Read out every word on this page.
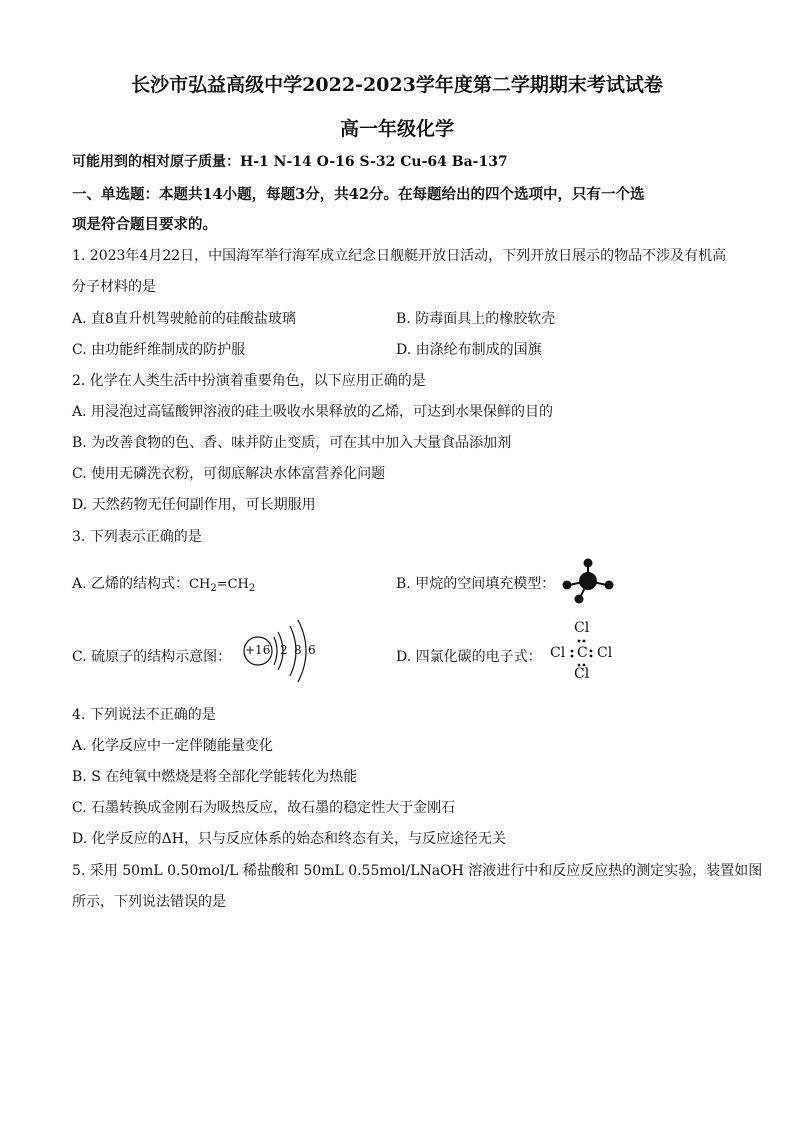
长沙市弘益高级中学2022-2023学年度第二学期期末考试试卷
高一年级化学
可能用到的相对原子质量：H-1 N-14 O-16 S-32 Cu-64 Ba-137
一、单选题：本题共14小题，每题3分，共42分。在每题给出的四个选项中，只有一个选
项是符合题目要求的。
1. 2023年4月22日，中国海军举行海军成立纪念日舰艇开放日活动，下列开放日展示的物品不涉及有机高
分子材料的是
A. 直8直升机驾驶舱前的硅酸盐玻璃	B. 防毒面具上的橡胶软壳
C. 由功能纤维制成的防护服	D. 由涤纶布制成的国旗
2. 化学在人类生活中扮演着重要角色，以下应用正确的是
A. 用浸泡过高锰酸钾溶液的硅土吸收水果释放的乙烯，可达到水果保鲜的目的
B. 为改善食物的色、香、味并防止变质，可在其中加入大量食品添加剂
C. 使用无磷洗衣粉，可彻底解决水体富营养化问题
D. 天然药物无任何副作用，可长期服用
3. 下列表示正确的是
A. 乙烯的结构式：$CH_2=CH_2$	B. 甲烷的空间填充模型：
C. 硫原子的结构示意图： +16 2 8 6	D. 四氯化碳的电子式：
Cl
Cl C Cl
Cl
4. 下列说法不正确的是
A. 化学反应中一定伴随能量变化
B. S 在纯氧中燃烧是将全部化学能转化为热能
C. 石墨转换成金刚石为吸热反应，故石墨的稳定性大于金刚石
D. 化学反应的ΔH，只与反应体系的始态和终态有关，与反应途径无关
5. 采用 50mL 0.50mol/L 稀盐酸和 50mL 0.55mol/LNaOH 溶液进行中和反应反应热的测定实验，装置如图
所示，下列说法错误的是
